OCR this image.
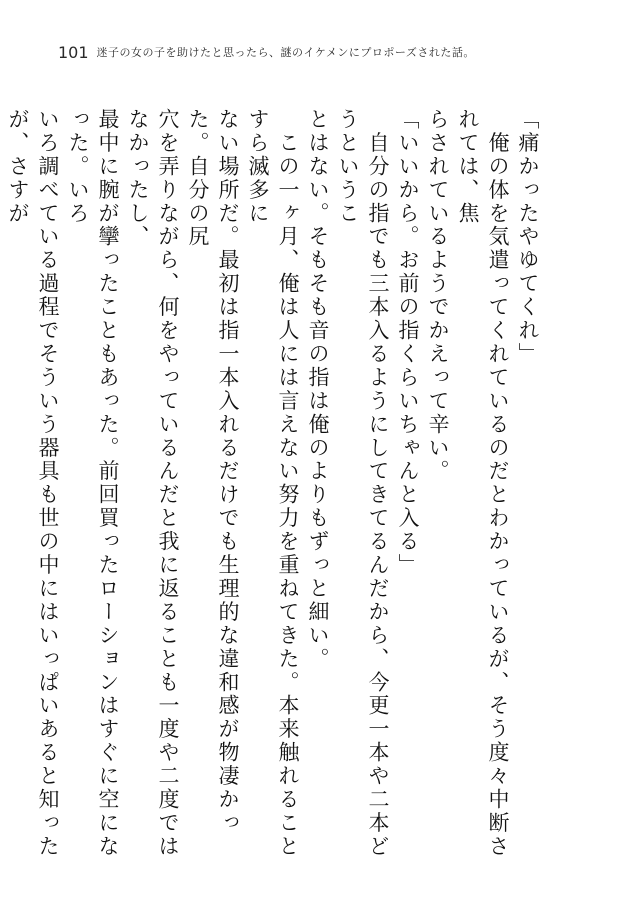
101 迷子の女の子を助けたと思ったら、謎のイケメンにプロポーズされた話。

「痛かったやゆてくれ」

　俺の体を気遣ってくれているのだとわかっているが、そう度々中断されては、焦

らされているようでかえって辛い。

「いいから。お前の指くらいちゃんと入る」

　自分の指でも三本入るようにしてきてるんだから、今更一本や二本どうというこ

とはない。そもそも音の指は俺のよりもずっと細い。

　この一ヶ月、俺は人には言えない努力を重ねてきた。本来触れることすら滅多に

ない場所だ。最初は指一本入れるだけでも生理的な違和感が物凄かった。自分の尻

穴を弄りながら、何をやっているんだと我に返ることも一度や二度ではなかったし、

最中に腕が攣ったこともあった。前回買ったローションはすぐに空になった。いろ

いろ調べている過程でそういう器具も世の中にはいっぱいあると知ったが、さすが
